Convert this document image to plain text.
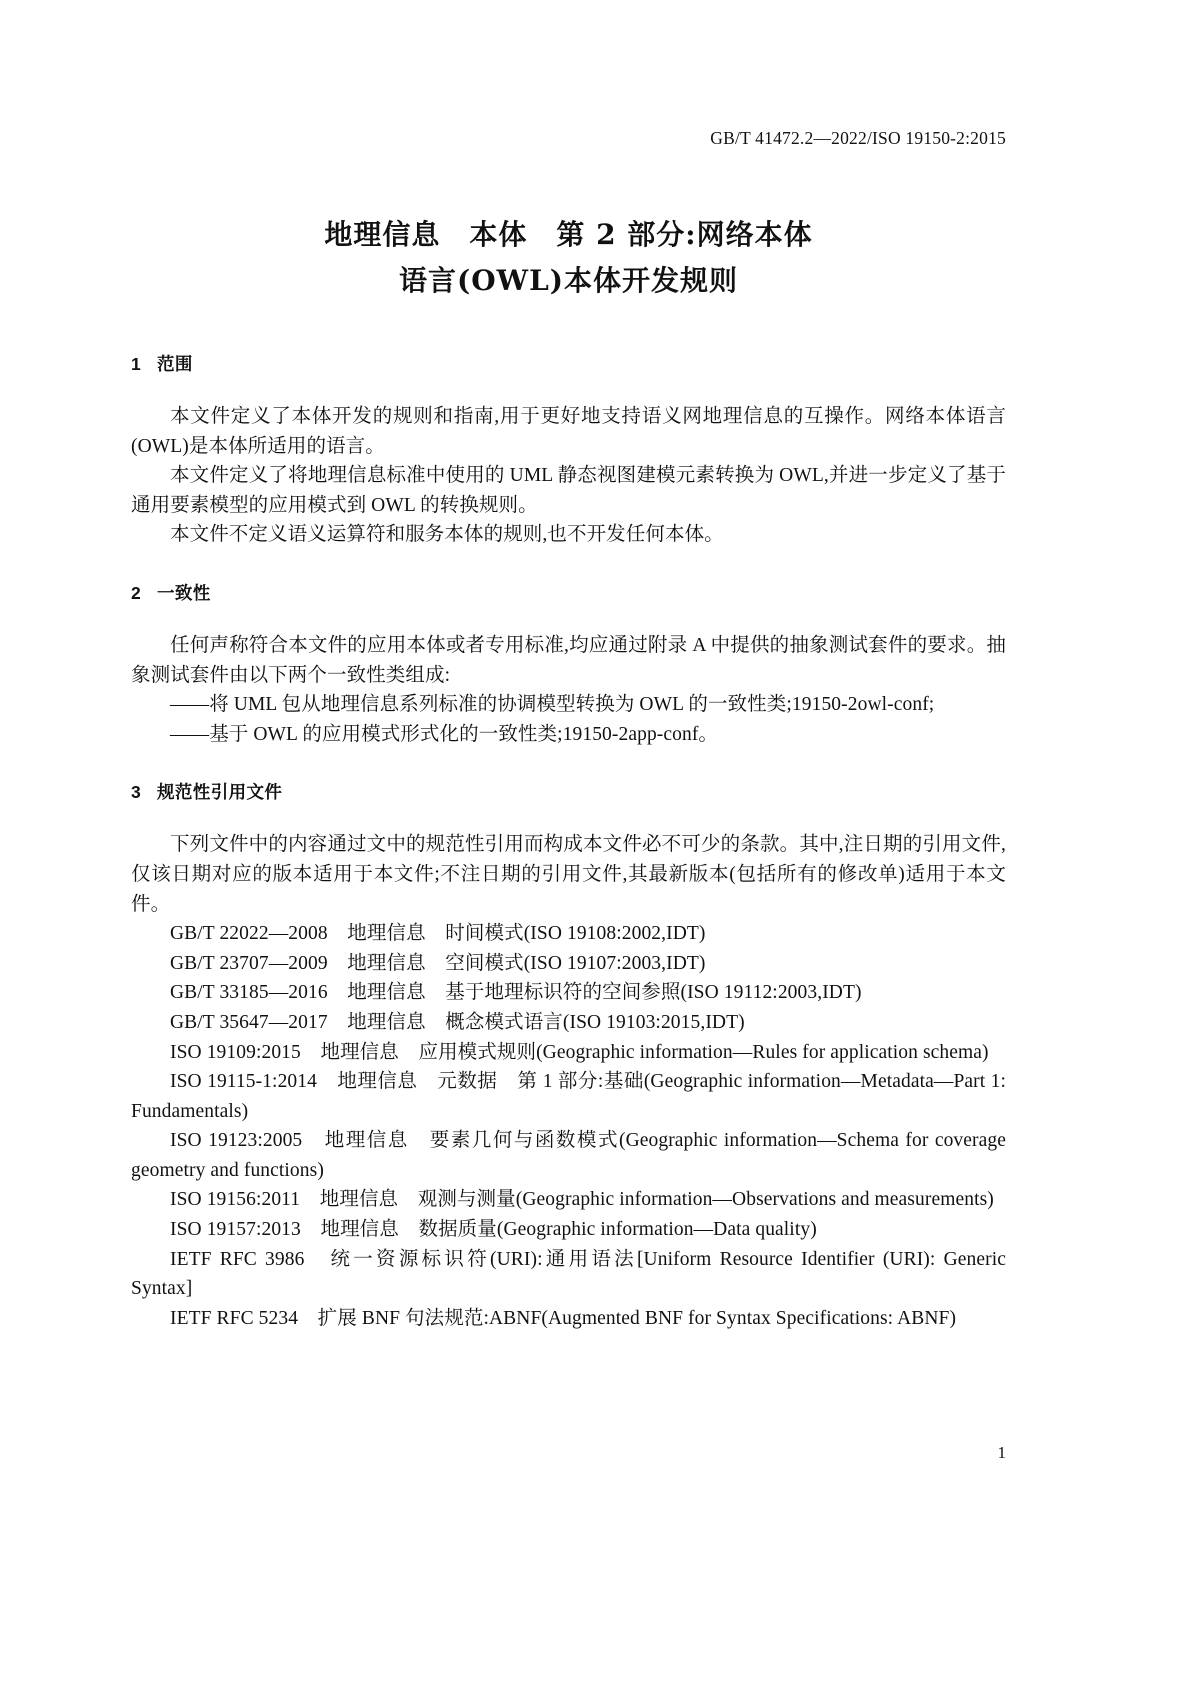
GB/T 41472.2—2022/ISO 19150-2:2015
地理信息　本体　第 2 部分:网络本体
语言(OWL)本体开发规则
1 范围

本文件定义了本体开发的规则和指南,用于更好地支持语义网地理信息的互操作。网络本体语言(OWL)是本体所适用的语言。

本文件定义了将地理信息标准中使用的 UML 静态视图建模元素转换为 OWL,并进一步定义了基于通用要素模型的应用模式到 OWL 的转换规则。

本文件不定义语义运算符和服务本体的规则,也不开发任何本体。

2 一致性

任何声称符合本文件的应用本体或者专用标准,均应通过附录 A 中提供的抽象测试套件的要求。抽象测试套件由以下两个一致性类组成:

——将 UML 包从地理信息系列标准的协调模型转换为 OWL 的一致性类;19150-2owl-conf;

——基于 OWL 的应用模式形式化的一致性类;19150-2app-conf。

3 规范性引用文件

下列文件中的内容通过文中的规范性引用而构成本文件必不可少的条款。其中,注日期的引用文件,仅该日期对应的版本适用于本文件;不注日期的引用文件,其最新版本(包括所有的修改单)适用于本文件。

GB/T 22022—2008　地理信息　时间模式(ISO 19108:2002,IDT)

GB/T 23707—2009　地理信息　空间模式(ISO 19107:2003,IDT)

GB/T 33185—2016　地理信息　基于地理标识符的空间参照(ISO 19112:2003,IDT)

GB/T 35647—2017　地理信息　概念模式语言(ISO 19103:2015,IDT)

ISO 19109:2015　地理信息　应用模式规则(Geographic information—Rules for application schema)

ISO 19115-1:2014　地理信息　元数据　第 1 部分:基础(Geographic information—Metadata—Part 1: Fundamentals)

ISO 19123:2005　地理信息　要素几何与函数模式(Geographic information—Schema for coverage geometry and functions)

ISO 19156:2011　地理信息　观测与测量(Geographic information—Observations and measurements)

ISO 19157:2013　地理信息　数据质量(Geographic information—Data quality)

IETF RFC 3986　统一资源标识符(URI):通用语法[Uniform Resource Identifier (URI): Generic Syntax]

IETF RFC 5234　扩展 BNF 句法规范:ABNF(Augmented BNF for Syntax Specifications: ABNF)

1
